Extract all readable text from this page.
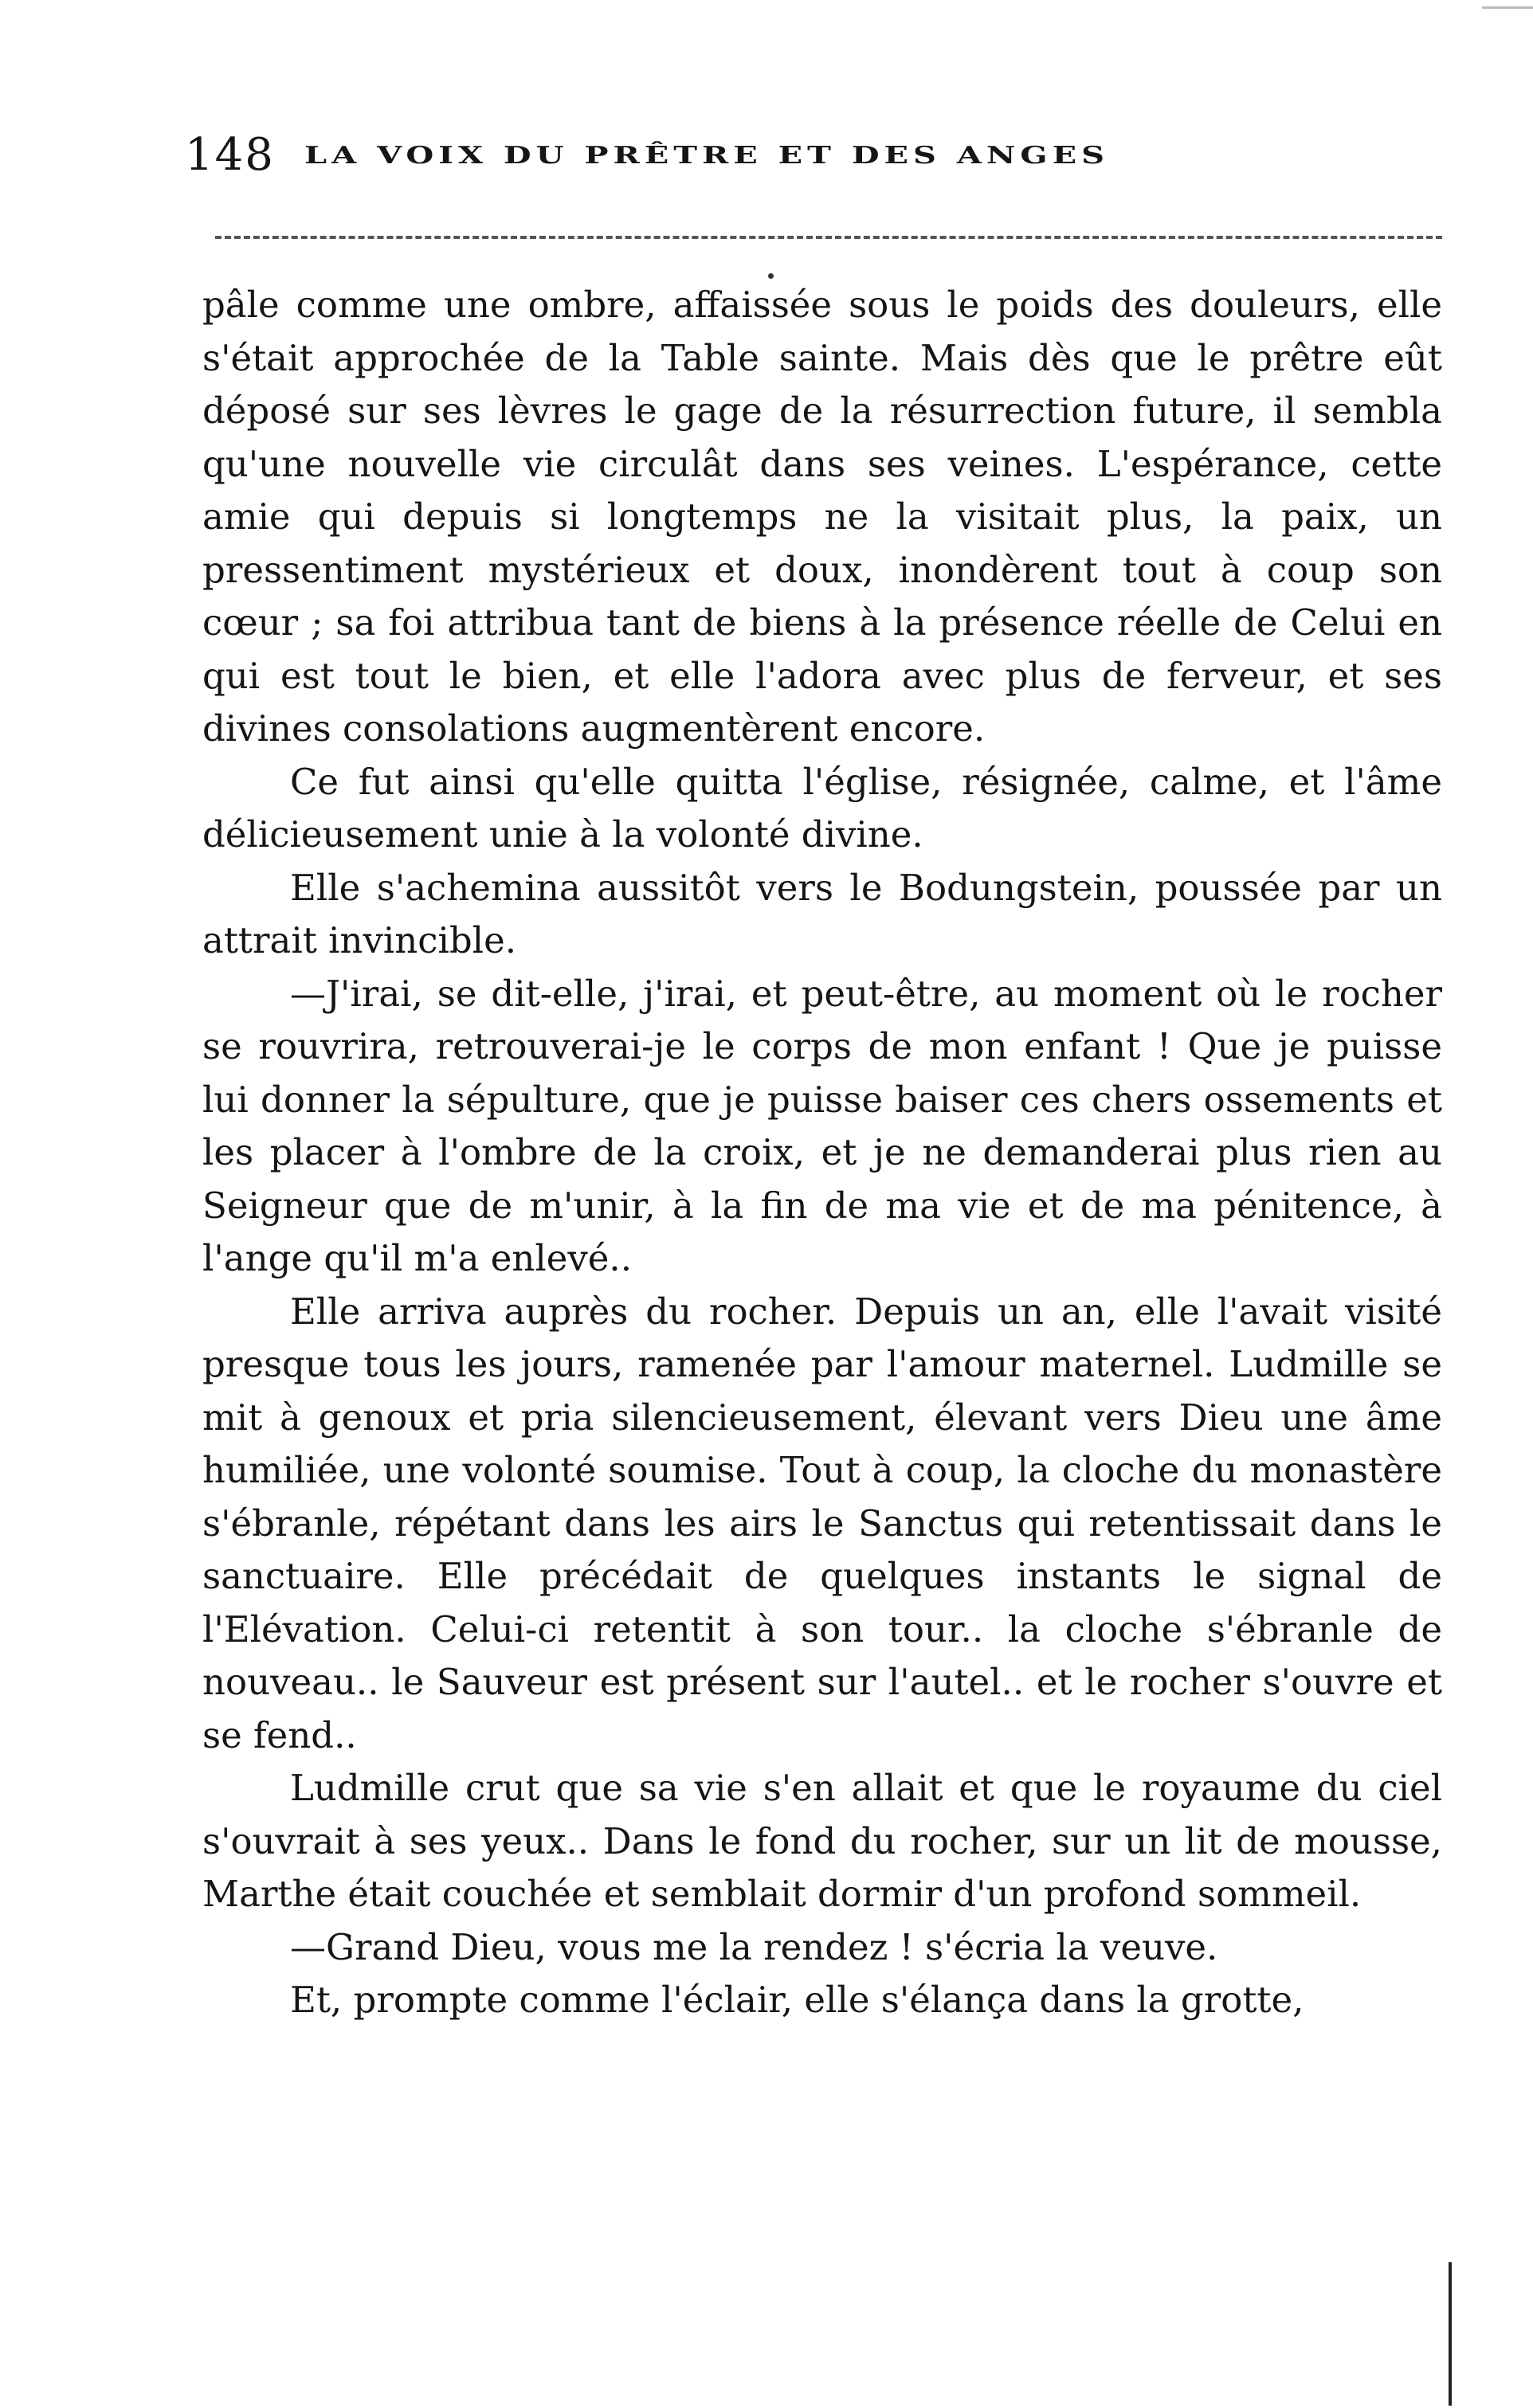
148 LA VOIX DU PRÊTRE ET DES ANGES

pâle comme une ombre, affaissée sous le poids des douleurs, elle s'était approchée de la Table sainte. Mais dès que le prêtre eût déposé sur ses lèvres le gage de la résurrection future, il sembla qu'une nouvelle vie circulât dans ses veines. L'espérance, cette amie qui depuis si longtemps ne la visitait plus, la paix, un pressentiment mystérieux et doux, inondèrent tout à coup son cœur ; sa foi attribua tant de biens à la présence réelle de Celui en qui est tout le bien, et elle l'adora avec plus de ferveur, et ses divines consolations augmentèrent encore.

Ce fut ainsi qu'elle quitta l'église, résignée, calme, et l'âme délicieusement unie à la volonté divine.

Elle s'achemina aussitôt vers le Bodungstein, poussée par un attrait invincible.

—J'irai, se dit-elle, j'irai, et peut-être, au moment où le rocher se rouvrira, retrouverai-je le corps de mon enfant ! Que je puisse lui donner la sépulture, que je puisse baiser ces chers ossements et les placer à l'ombre de la croix, et je ne demanderai plus rien au Seigneur que de m'unir, à la fin de ma vie et de ma pénitence, à l'ange qu'il m'a enlevé..

Elle arriva auprès du rocher. Depuis un an, elle l'avait visité presque tous les jours, ramenée par l'amour maternel. Ludmille se mit à genoux et pria silencieusement, élevant vers Dieu une âme humiliée, une volonté soumise. Tout à coup, la cloche du monastère s'ébranle, répétant dans les airs le Sanctus qui retentissait dans le sanctuaire. Elle précédait de quelques instants le signal de l'Elévation. Celui-ci retentit à son tour.. la cloche s'ébranle de nouveau.. le Sauveur est présent sur l'autel.. et le rocher s'ouvre et se fend..

Ludmille crut que sa vie s'en allait et que le royaume du ciel s'ouvrait à ses yeux.. Dans le fond du rocher, sur un lit de mousse, Marthe était couchée et semblait dormir d'un profond sommeil.

—Grand Dieu, vous me la rendez ! s'écria la veuve.

Et, prompte comme l'éclair, elle s'élança dans la grotte,
